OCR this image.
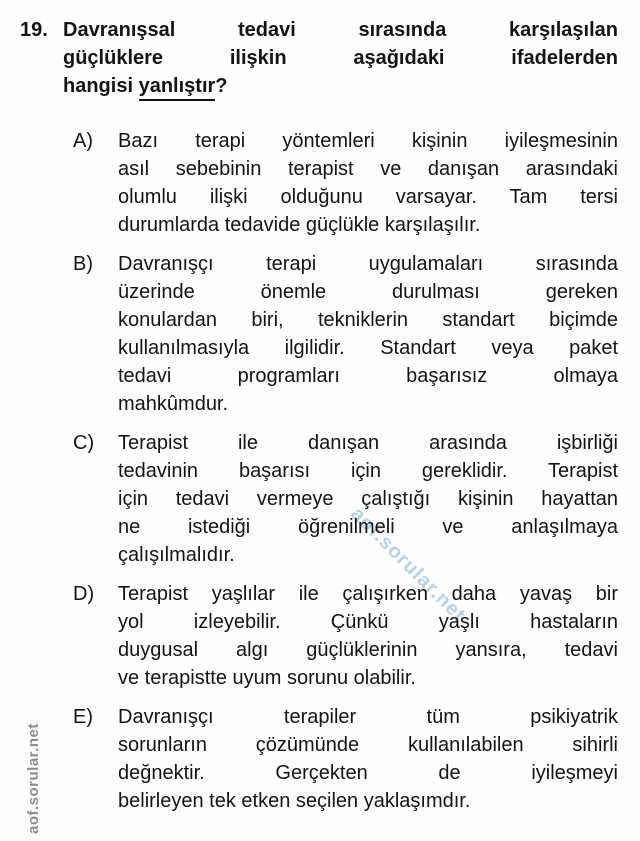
aof.sorular.net
aof.sorular.net
19. Davranışsal tedavi sırasında karşılaşılan
güçlüklere ilişkin aşağıdaki ifadelerden
hangisi yanlıştır?
A)	Bazı terapi yöntemleri kişinin iyileşmesinin
asıl sebebinin terapist ve danışan arasındaki
olumlu ilişki olduğunu varsayar. Tam tersi
durumlarda tedavide güçlükle karşılaşılır.
B)	Davranışçı terapi uygulamaları sırasında
üzerinde önemle durulması gereken
konulardan biri, tekniklerin standart biçimde
kullanılmasıyla ilgilidir. Standart veya paket
tedavi programları başarısız olmaya
mahkûmdur.
C)	Terapist ile danışan arasında işbirliği
tedavinin başarısı için gereklidir. Terapist
için tedavi vermeye çalıştığı kişinin hayattan
ne istediği öğrenilmeli ve anlaşılmaya
çalışılmalıdır.
D)	Terapist yaşlılar ile çalışırken daha yavaş bir
yol izleyebilir. Çünkü yaşlı hastaların
duygusal algı güçlüklerinin yansıra, tedavi
ve terapistte uyum sorunu olabilir.
E)	Davranışçı terapiler tüm psikiyatrik
sorunların çözümünde kullanılabilen sihirli
değnektir. Gerçekten de iyileşmeyi
belirleyen tek etken seçilen yaklaşımdır.
